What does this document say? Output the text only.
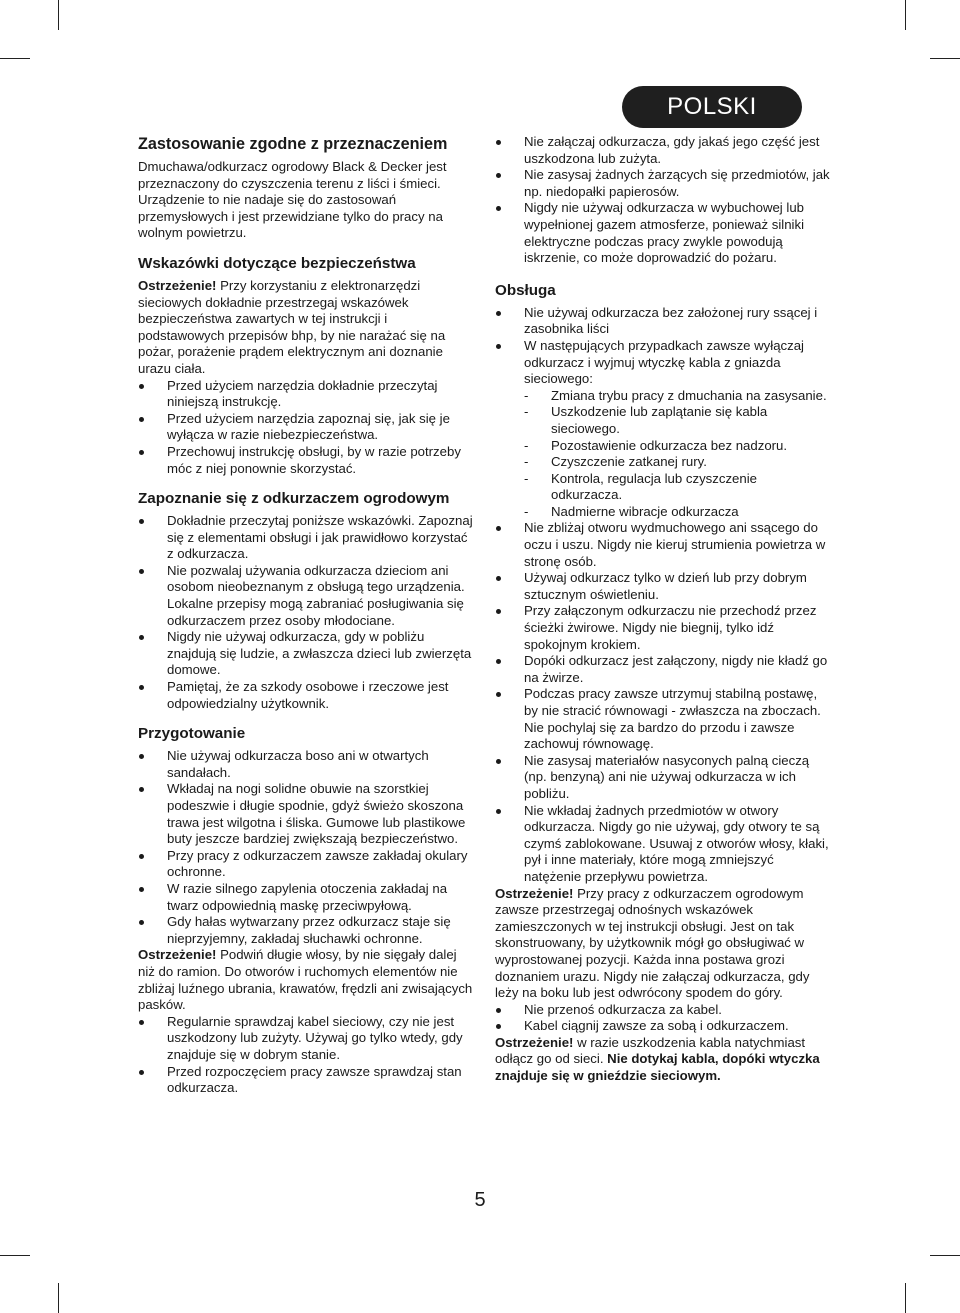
POLSKI
Zastosowanie zgodne z przeznaczeniem

Dmuchawa/odkurzacz ogrodowy Black & Decker jest przeznaczony do czyszczenia terenu z liści i śmieci. Urządzenie to nie nadaje się do zastosowań przemysłowych i jest przewidziane tylko do pracy na wolnym powietrzu.

Wskazówki dotyczące bezpieczeństwa

Ostrzeżenie! Przy korzystaniu z elektronarzędzi sieciowych dokładnie przestrzegaj wskazówek bezpieczeństwa zawartych w tej instrukcji i podstawowych przepisów bhp, by nie narażać się na pożar, porażenie prądem elektrycznym ani doznanie urazu ciała.

Przed użyciem narzędzia dokładnie przeczytaj niniejszą instrukcję.
Przed użyciem narzędzia zapoznaj się, jak się je wyłącza w razie niebezpieczeństwa.
Przechowuj instrukcję obsługi, by w razie potrzeby móc z niej ponownie skorzystać.
Zapoznanie się z odkurzaczem ogrodowym
Dokładnie przeczytaj poniższe wskazówki. Zapoznaj się z elementami obsługi i jak prawidłowo korzystać z odkurzacza.
Nie pozwalaj używania odkurzacza dzieciom ani osobom nieobeznanym z obsługą tego urządzenia. Lokalne przepisy mogą zabraniać posługiwania się odkurzaczem przez osoby młodociane.
Nigdy nie używaj odkurzacza, gdy w pobliżu znajdują się ludzie, a zwłaszcza dzieci lub zwierzęta domowe.
Pamiętaj, że za szkody osobowe i rzeczowe jest odpowiedzialny użytkownik.
Przygotowanie
Nie używaj odkurzacza boso ani w otwartych sandałach.
Wkładaj na nogi solidne obuwie na szorstkiej podeszwie i długie spodnie, gdyż świeżo skoszona trawa jest wilgotna i śliska. Gumowe lub plastikowe buty jeszcze bardziej zwiększają bezpieczeństwo.
Przy pracy z odkurzaczem zawsze zakładaj okulary ochronne.
W razie silnego zapylenia otoczenia zakładaj na twarz odpowiednią maskę przeciwpyłową.
Gdy hałas wytwarzany przez odkurzacz staje się nieprzyjemny, zakładaj słuchawki ochronne.

Ostrzeżenie! Podwiń długie włosy, by nie sięgały dalej niż do ramion. Do otworów i ruchomych elementów nie zbliżaj luźnego ubrania, krawatów, frędzli ani zwisających pasków.

Regularnie sprawdzaj kabel sieciowy, czy nie jest uszkodzony lub zużyty. Używaj go tylko wtedy, gdy znajduje się w dobrym stanie.
Przed rozpoczęciem pracy zawsze sprawdzaj stan odkurzacza.
Nie załączaj odkurzacza, gdy jakaś jego część jest uszkodzona lub zużyta.
Nie zasysaj żadnych żarzących się przedmiotów, jak np. niedopałki papierosów.
Nigdy nie używaj odkurzacza w wybuchowej lub wypełnionej gazem atmosferze, ponieważ silniki elektryczne podczas pracy zwykle powodują iskrzenie, co może doprowadzić do pożaru.
Obsługa
Nie używaj odkurzacza bez założonej rury ssącej i zasobnika liści
W następujących przypadkach zawsze wyłączaj odkurzacz i wyjmuj wtyczkę kabla z gniazda sieciowego:
- Zmiana trybu pracy z dmuchania na zasysanie.
- Uszkodzenie lub zaplątanie się kabla sieciowego.
- Pozostawienie odkurzacza bez nadzoru.
- Czyszczenie zatkanej rury.
- Kontrola, regulacja lub czyszczenie odkurzacza.
- Nadmierne wibracje odkurzacza
Nie zbliżaj otworu wydmuchowego ani ssącego do oczu i uszu. Nigdy nie kieruj strumienia powietrza w stronę osób.
Używaj odkurzacz tylko w dzień lub przy dobrym sztucznym oświetleniu.
Przy załączonym odkurzaczu nie przechodź przez ścieżki żwirowe. Nigdy nie biegnij, tylko idź spokojnym krokiem.
Dopóki odkurzacz jest załączony, nigdy nie kładź go na żwirze.
Podczas pracy zawsze utrzymuj stabilną postawę, by nie stracić równowagi - zwłaszcza na zboczach. Nie pochylaj się za bardzo do przodu i zawsze zachowuj równowagę.
Nie zasysaj materiałów nasyconych palną cieczą (np. benzyną) ani nie używaj odkurzacza w ich pobliżu.
Nie wkładaj żadnych przedmiotów w otwory odkurzacza. Nigdy go nie używaj, gdy otwory te są czymś zablokowane. Usuwaj z otworów włosy, kłaki, pył i inne materiały, które mogą zmniejszyć natężenie przepływu powietrza.

Ostrzeżenie! Przy pracy z odkurzaczem ogrodowym zawsze przestrzegaj odnośnych wskazówek zamieszczonych w tej instrukcji obsługi. Jest on tak skonstruowany, by użytkownik mógł go obsługiwać w wyprostowanej pozycji. Każda inna postawa grozi doznaniem urazu. Nigdy nie załączaj odkurzacza, gdy leży na boku lub jest odwrócony spodem do góry.

Nie przenoś odkurzacza za kabel.
Kabel ciągnij zawsze za sobą i odkurzaczem.

Ostrzeżenie! w razie uszkodzenia kabla natychmiast odłącz go od sieci. Nie dotykaj kabla, dopóki wtyczka znajduje się w gnieździe sieciowym.

5
